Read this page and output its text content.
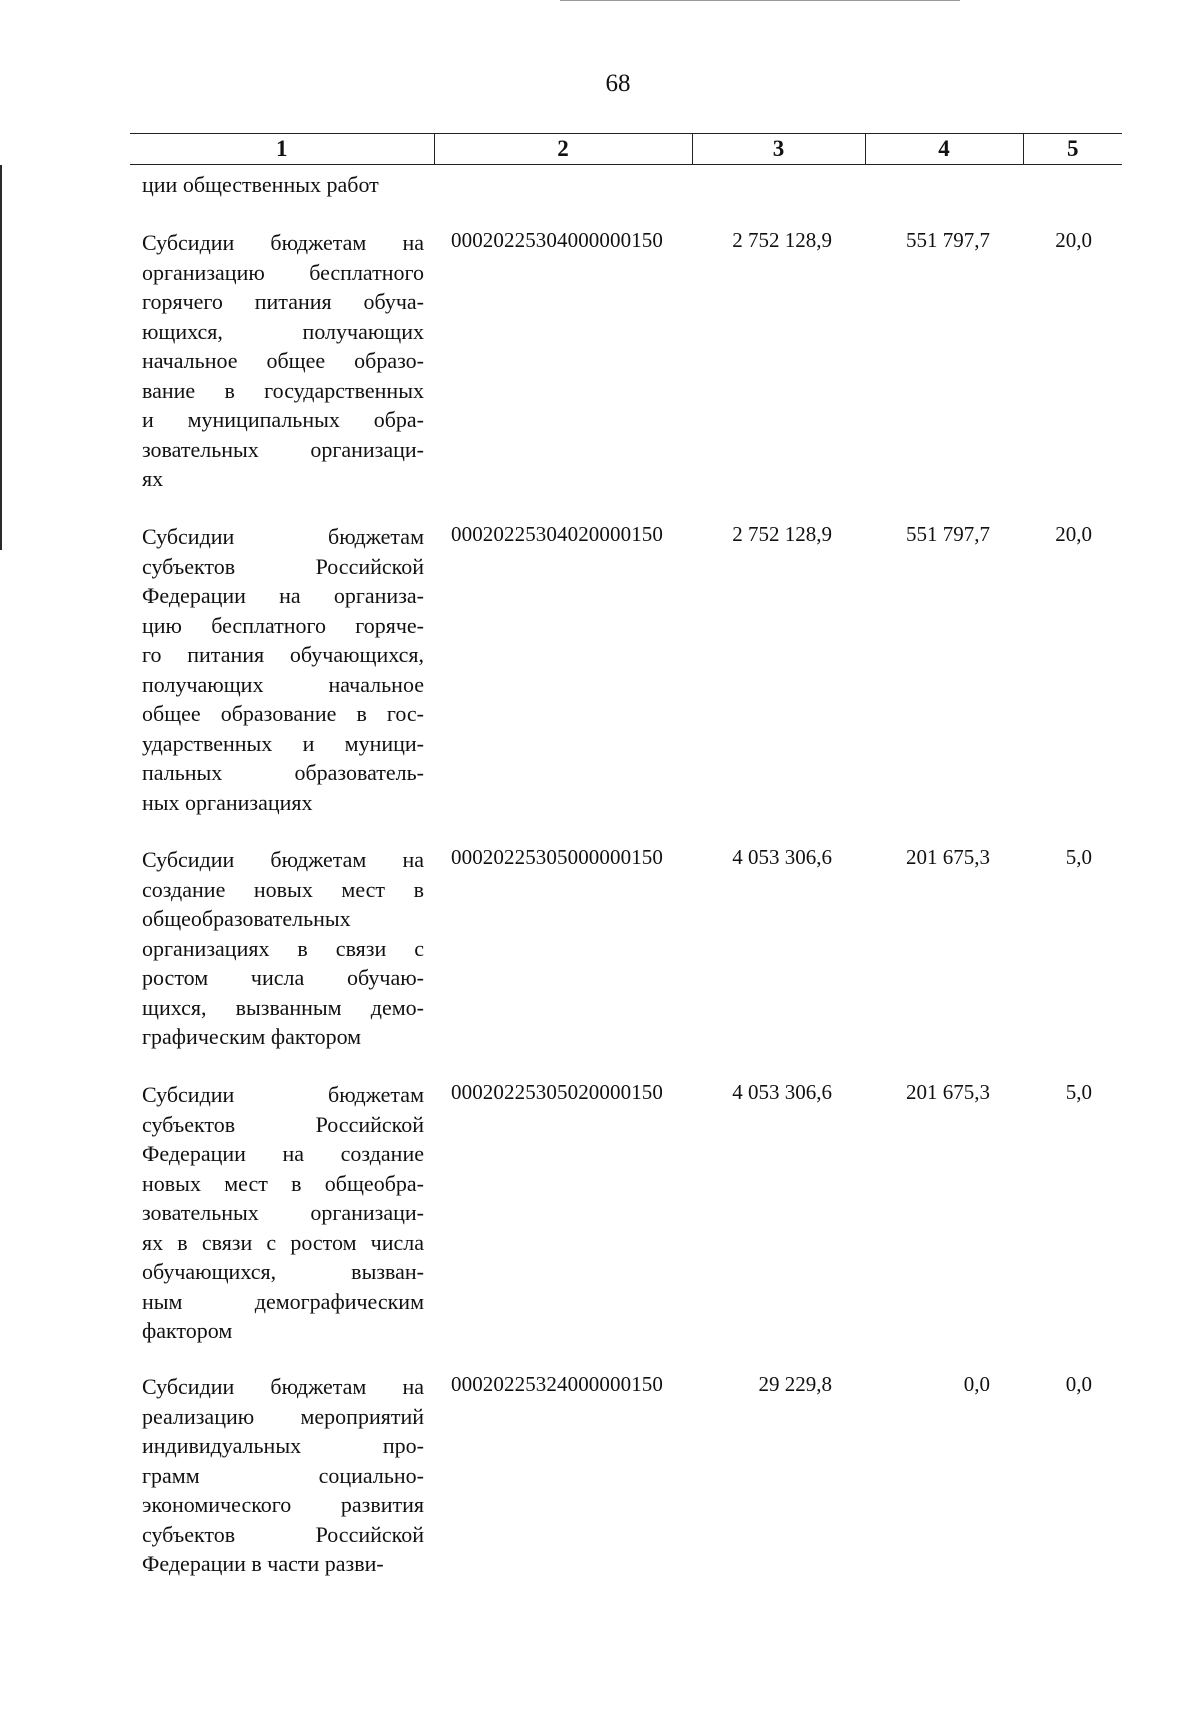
68
1	2	3	4	5
ции общественных работ
Субсидии бюджетам на
организацию бесплатного
горячего питания обуча-
ющихся, получающих
начальное общее образо-
вание в государственных
и муниципальных обра-
зовательных организаци-
ях
00020225304000000150	2 752 128,9	551 797,7	20,0
Субсидии бюджетам
субъектов Российской
Федерации на организа-
цию бесплатного горяче-
го питания обучающихся,
получающих начальное
общее образование в гос-
ударственных и муници-
пальных образователь-
ных организациях
00020225304020000150	2 752 128,9	551 797,7	20,0
Субсидии бюджетам на
создание новых мест в
общеобразовательных
организациях в связи с
ростом числа обучаю-
щихся, вызванным демо-
графическим фактором
00020225305000000150	4 053 306,6	201 675,3	5,0
Субсидии бюджетам
субъектов Российской
Федерации на создание
новых мест в общеобра-
зовательных организаци-
ях в связи с ростом числа
обучающихся, вызван-
ным демографическим
фактором
00020225305020000150	4 053 306,6	201 675,3	5,0
Субсидии бюджетам на
реализацию мероприятий
индивидуальных про-
грамм социально-
экономического развития
субъектов Российской
Федерации в части разви-
00020225324000000150	29 229,8	0,0	0,0
